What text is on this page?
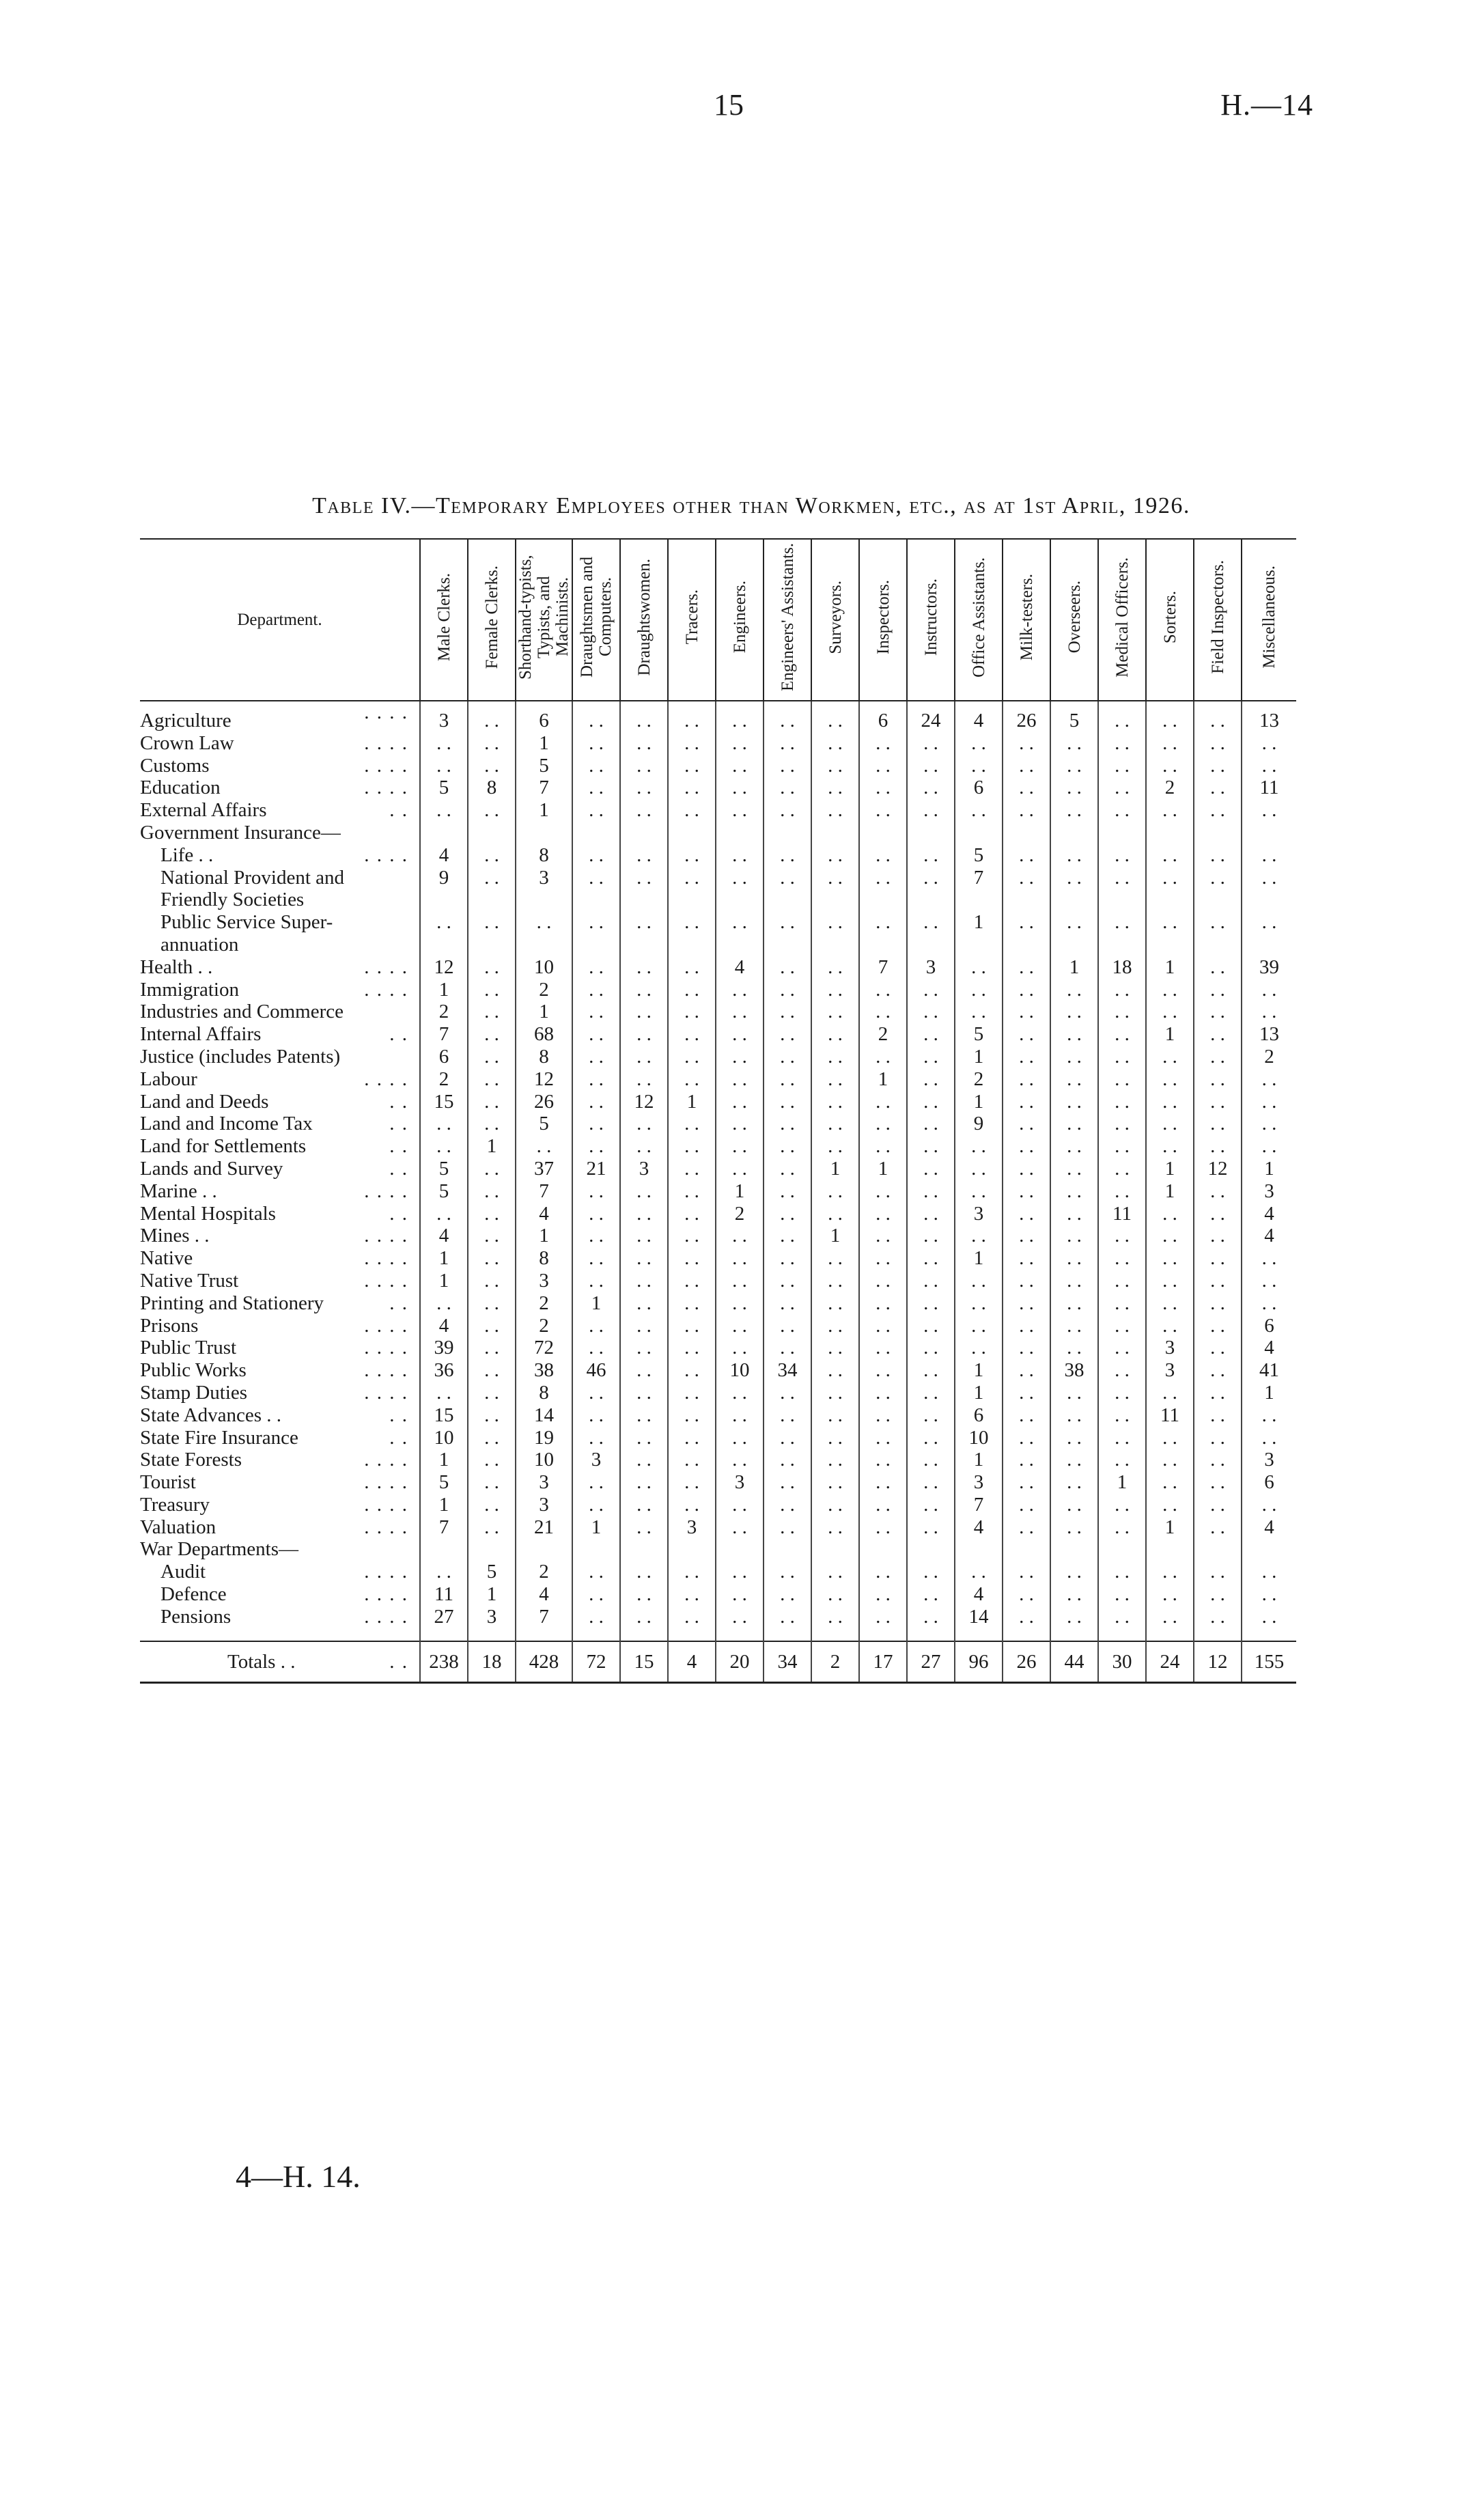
15	H.—14
Table IV.—Temporary Employees other than Workmen, etc., as at 1st April, 1926.
Department.	Male Clerks.	Female Clerks.	Shorthand-typists, Typists, and Machinists.	Draughtsmen and Computers.	Draughtswomen.	Tracers.	Engineers.	Engineers' Assistants.	Surveyors.	Inspectors.	Instructors.	Office Assistants.	Milk-testers.	Overseers.	Medical Officers.	Sorters.	Field Inspectors.	Miscellaneous.
Agriculture . . . .	3	. .	6	. .	. .	. .	. .	. .	. .	6	24	4	26	5	. .	. .	. .	13
Crown Law . . . .	. .	. .	1	. .	. .	. .	. .	. .	. .	. .	. .	. .	. .	. .	. .	. .	. .	. .
Customs . . . .	. .	. .	5	. .	. .	. .	. .	. .	. .	. .	. .	. .	. .	. .	. .	. .	. .	. .
Education . . . .	5	8	7	. .	. .	. .	. .	. .	. .	. .	. .	6	. .	. .	. .	2	. .	11
External Affairs . .	. .	. .	1	. .	. .	. .	. .	. .	. .	. .	. .	. .	. .	. .	. .	. .	. .	. .
Government Insurance—																		
Life . . . . . .	4	. .	8	. .	. .	. .	. .	. .	. .	. .	. .	5	. .	. .	. .	. .	. .	. .
National Provident and	9	. .	3	. .	. .	. .	. .	. .	. .	. .	. .	7	. .	. .	. .	. .	. .	. .
Friendly Societies																		
Public Service Super-	. .	. .	. .	. .	. .	. .	. .	. .	. .	. .	. .	1	. .	. .	. .	. .	. .	. .
annuation																		
Health . . . . . .	12	. .	10	. .	. .	. .	4	. .	. .	7	3	. .	. .	1	18	1	. .	39
Immigration . . . .	1	. .	2	. .	. .	. .	. .	. .	. .	. .	. .	. .	. .	. .	. .	. .	. .	. .
Industries and Commerce	2	. .	1	. .	. .	. .	. .	. .	. .	. .	. .	. .	. .	. .	. .	. .	. .	. .
Internal Affairs . .	7	. .	68	. .	. .	. .	. .	. .	. .	2	. .	5	. .	. .	. .	1	. .	13
Justice (includes Patents)	6	. .	8	. .	. .	. .	. .	. .	. .	. .	. .	1	. .	. .	. .	. .	. .	2
Labour . . . .	2	. .	12	. .	. .	. .	. .	. .	. .	1	. .	2	. .	. .	. .	. .	. .	. .
Land and Deeds . .	15	. .	26	. .	12	1	. .	. .	. .	. .	. .	1	. .	. .	. .	. .	. .	. .
Land and Income Tax . .	. .	. .	5	. .	. .	. .	. .	. .	. .	. .	. .	9	. .	. .	. .	. .	. .	. .
Land for Settlements . .	. .	1	. .	. .	. .	. .	. .	. .	. .	. .	. .	. .	. .	. .	. .	. .	. .	. .
Lands and Survey . .	5	. .	37	21	3	. .	. .	. .	1	1	. .	. .	. .	. .	. .	1	12	1
Marine . . . . . .	5	. .	7	. .	. .	. .	1	. .	. .	. .	. .	. .	. .	. .	. .	1	. .	3
Mental Hospitals . .	. .	. .	4	. .	. .	. .	2	. .	. .	. .	. .	3	. .	. .	11	. .	. .	4
Mines . . . . . .	4	. .	1	. .	. .	. .	. .	. .	1	. .	. .	. .	. .	. .	. .	. .	. .	4
Native . . . .	1	. .	8	. .	. .	. .	. .	. .	. .	. .	. .	1	. .	. .	. .	. .	. .	. .
Native Trust . . . .	1	. .	3	. .	. .	. .	. .	. .	. .	. .	. .	. .	. .	. .	. .	. .	. .	. .
Printing and Stationery . .	. .	. .	2	1	. .	. .	. .	. .	. .	. .	. .	. .	. .	. .	. .	. .	. .	. .
Prisons . . . .	4	. .	2	. .	. .	. .	. .	. .	. .	. .	. .	. .	. .	. .	. .	. .	. .	6
Public Trust . . . .	39	. .	72	. .	. .	. .	. .	. .	. .	. .	. .	. .	. .	. .	. .	3	. .	4
Public Works . . . .	36	. .	38	46	. .	. .	10	34	. .	. .	. .	1	. .	38	. .	3	. .	41
Stamp Duties . . . .	. .	. .	8	. .	. .	. .	. .	. .	. .	. .	. .	1	. .	. .	. .	. .	. .	1
State Advances . . . .	15	. .	14	. .	. .	. .	. .	. .	. .	. .	. .	6	. .	. .	. .	11	. .	. .
State Fire Insurance . .	10	. .	19	. .	. .	. .	. .	. .	. .	. .	. .	10	. .	. .	. .	. .	. .	. .
State Forests . . . .	1	. .	10	3	. .	. .	. .	. .	. .	. .	. .	1	. .	. .	. .	. .	. .	3
Tourist . . . .	5	. .	3	. .	. .	. .	3	. .	. .	. .	. .	3	. .	. .	1	. .	. .	6
Treasury . . . .	1	. .	3	. .	. .	. .	. .	. .	. .	. .	. .	7	. .	. .	. .	. .	. .	. .
Valuation . . . .	7	. .	21	1	. .	3	. .	. .	. .	. .	. .	4	. .	. .	. .	1	. .	4
War Departments—																		
Audit . . . .	. .	5	2	. .	. .	. .	. .	. .	. .	. .	. .	. .	. .	. .	. .	. .	. .	. .
Defence . . . .	11	1	4	. .	. .	. .	. .	. .	. .	. .	. .	4	. .	. .	. .	. .	. .	. .
Pensions . . . .	27	3	7	. .	. .	. .	. .	. .	. .	. .	. .	14	. .	. .	. .	. .	. .	. .

Totals . . . .	238	18	428	72	15	4	20	34	2	17	27	96	26	44	30	24	12	155
4—H. 14.
